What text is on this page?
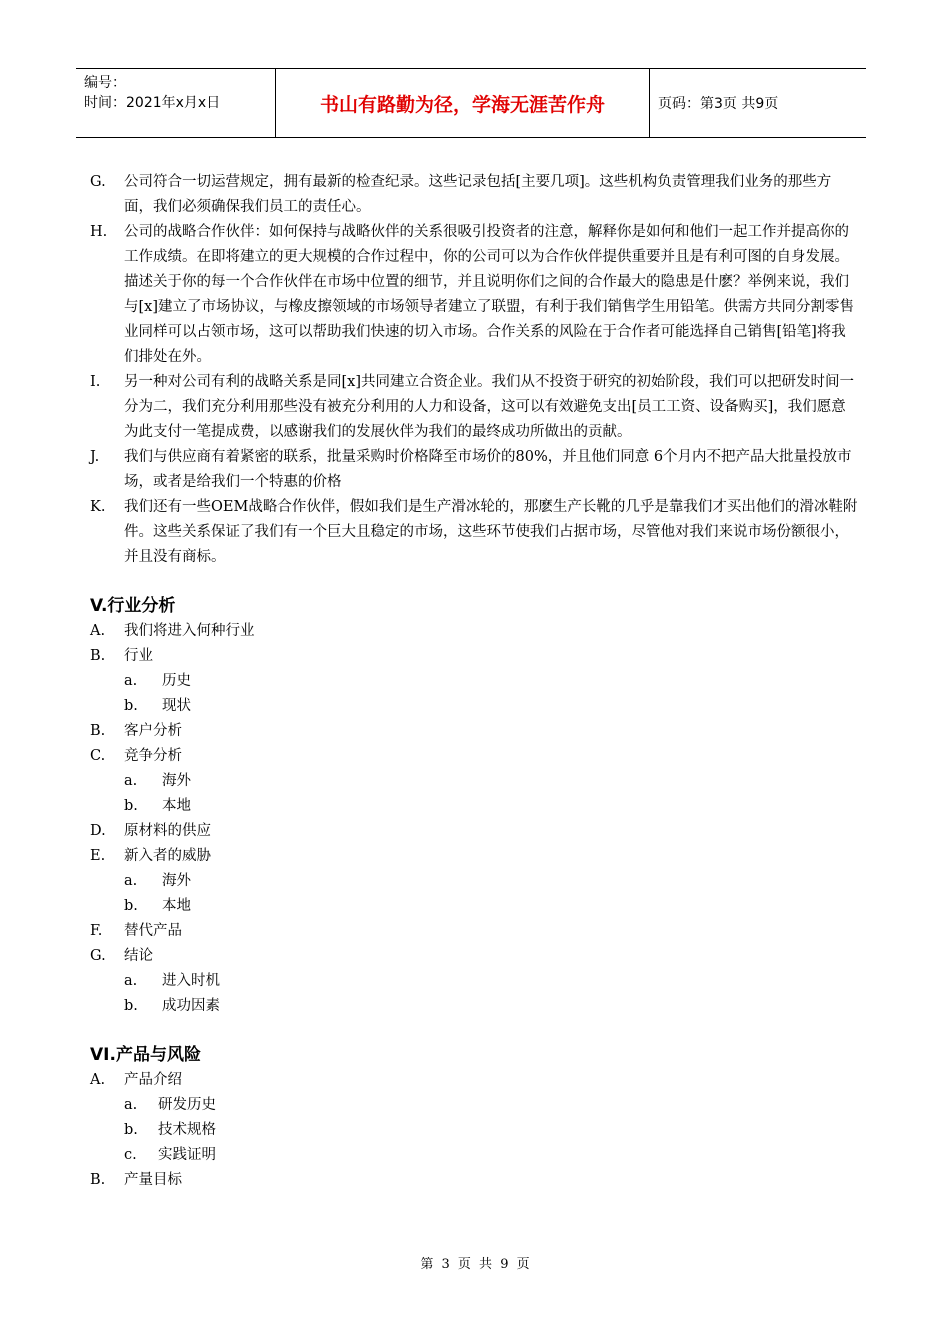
编号：
时间：2021年x月x日	书山有路勤为径，学海无涯苦作舟	页码：第3页 共9页
G.	公司符合一切运营规定，拥有最新的检查纪录。这些记录包括[主要几项]。这些机构负责管理我们业务的那些方面，我们必须确保我们员工的责任心。
H.	公司的战略合作伙伴：如何保持与战略伙伴的关系很吸引投资者的注意，解释你是如何和他们一起工作并提高你的工作成绩。在即将建立的更大规模的合作过程中，你的公司可以为合作伙伴提供重要并且是有利可图的自身发展。描述关于你的每一个合作伙伴在市场中位置的细节，并且说明你们之间的合作最大的隐患是什麽？举例来说，我们与[x]建立了市场协议，与橡皮擦领域的市场领导者建立了联盟，有利于我们销售学生用铅笔。供需方共同分割零售业同样可以占领市场，这可以帮助我们快速的切入市场。合作关系的风险在于合作者可能选择自己销售[铅笔]将我们排处在外。
I.	另一种对公司有利的战略关系是同[x]共同建立合资企业。我们从不投资于研究的初始阶段，我们可以把研发时间一分为二，我们充分利用那些没有被充分利用的人力和设备，这可以有效避免支出[员工工资、设备购买]，我们愿意为此支付一笔提成费，以感谢我们的发展伙伴为我们的最终成功所做出的贡献。
J.	我们与供应商有着紧密的联系，批量采购时价格降至市场价的80%，并且他们同意 6个月内不把产品大批量投放市场，或者是给我们一个特惠的价格
K.	我们还有一些OEM战略合作伙伴，假如我们是生产滑冰轮的，那麽生产长靴的几乎是靠我们才买出他们的滑冰鞋附件。这些关系保证了我们有一个巨大且稳定的市场，这些环节使我们占据市场，尽管他对我们来说市场份额很小，并且没有商标。
V.行业分析
A.	我们将进入何种行业
B.	行业
a.	历史
b.	现状
B.	客户分析
C.	竞争分析
a.	海外
b.	本地
D.	原材料的供应
E.	新入者的威胁
a.	海外
b.	本地
F.	替代产品
G.	结论
a.	进入时机
b.	成功因素
VI.产品与风险
A.	产品介绍
a.	研发历史
b.	技术规格
c.	实践证明
B.	产量目标
第 3 页 共 9 页
